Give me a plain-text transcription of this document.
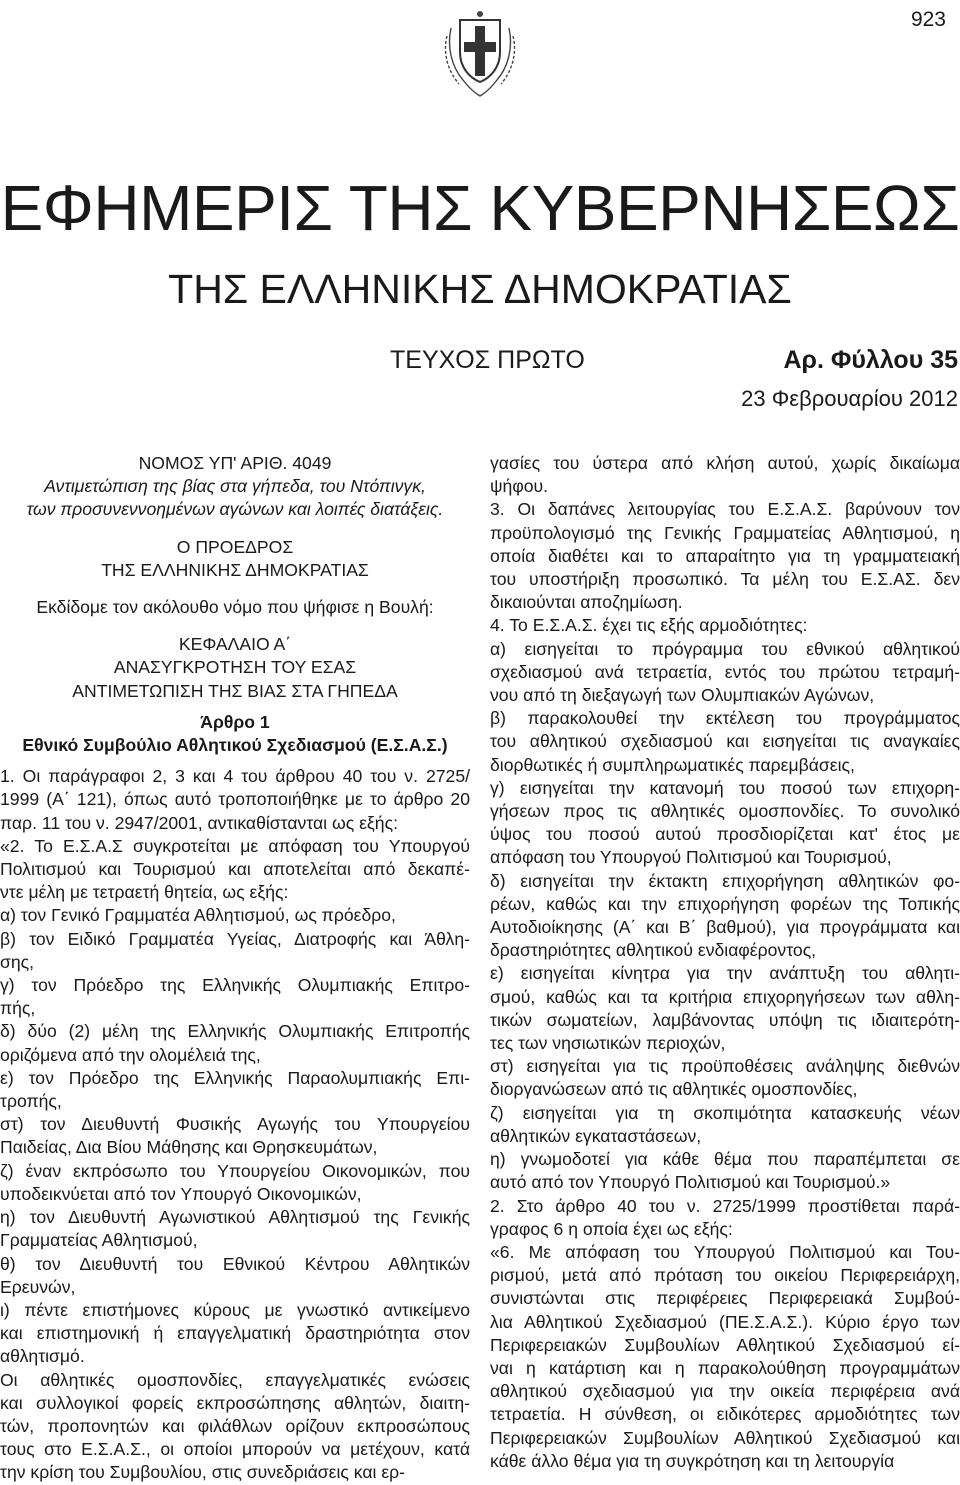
923
ΕΦΗΜΕΡΙΣ ΤΗΣ ΚΥΒΕΡΝΗΣΕΩΣ
ΤΗΣ ΕΛΛΗΝΙΚΗΣ ΔΗΜΟΚΡΑΤΙΑΣ
ΤΕΥΧΟΣ ΠΡΩΤΟ	Αρ. Φύλλου 35
23 Φεβρουαρίου 2012

ΝΟΜΟΣ ΥΠ' ΑΡΙΘ. 4049

Αντιμετώπιση της βίας στα γήπεδα, του Ντόπινγκ,

των προσυνεννοημένων αγώνων και λοιπές διατάξεις.

Ο ΠΡΟΕΔΡΟΣ

ΤΗΣ ΕΛΛΗΝΙΚΗΣ ΔΗΜΟΚΡΑΤΙΑΣ

Εκδίδομε τον ακόλουθο νόμο που ψήφισε η Βουλή:

ΚΕΦΑΛΑΙΟ Α΄

ΑΝΑΣΥΓΚΡΟΤΗΣΗ ΤΟΥ ΕΣΑΣ

ΑΝΤΙΜΕΤΩΠΙΣΗ ΤΗΣ ΒΙΑΣ ΣΤΑ ΓΗΠΕΔΑ

Άρθρο 1

Εθνικό Συμβούλιο Αθλητικού Σχεδιασμού (Ε.Σ.Α.Σ.)

1. Οι παράγραφοι 2, 3 και 4 του άρθρου 40 του ν. 2725/

1999 (Α΄ 121), όπως αυτό τροποποιήθηκε με το άρθρο 20

παρ. 11 του ν. 2947/2001, αντικαθίστανται ως εξής:

«2. Το Ε.Σ.Α.Σ συγκροτείται με απόφαση του Υπουργού

Πολιτισμού και Τουρισμού και αποτελείται από δεκαπέ-

ντε μέλη με τετραετή θητεία, ως εξής:

α) τον Γενικό Γραμματέα Αθλητισμού, ως πρόεδρο,

β) τον Ειδικό Γραμματέα Υγείας, Διατροφής και Άθλη-

σης,

γ) τον Πρόεδρο της Ελληνικής Ολυμπιακής Επιτρο-

πής,

δ) δύο (2) μέλη της Ελληνικής Ολυμπιακής Επιτροπής

οριζόμενα από την ολομέλειά της,

ε) τον Πρόεδρο της Ελληνικής Παραολυμπιακής Επι-

τροπής,

στ) τον Διευθυντή Φυσικής Αγωγής του Υπουργείου

Παιδείας, Δια Βίου Μάθησης και Θρησκευμάτων,

ζ) έναν εκπρόσωπο του Υπουργείου Οικονομικών, που

υποδεικνύεται από τον Υπουργό Οικονομικών,

η) τον Διευθυντή Αγωνιστικού Αθλητισμού της Γενικής

Γραμματείας Αθλητισμού,

θ) τον Διευθυντή του Εθνικού Κέντρου Αθλητικών

Ερευνών,

ι) πέντε επιστήμονες κύρους με γνωστικό αντικείμενο

και επιστημονική ή επαγγελματική δραστηριότητα στον

αθλητισμό.

Οι αθλητικές ομοσπονδίες, επαγγελματικές ενώσεις

και συλλογικοί φορείς εκπροσώπησης αθλητών, διαιτη-

τών, προπονητών και φιλάθλων ορίζουν εκπροσώπους

τους στο Ε.Σ.Α.Σ., οι οποίοι μπορούν να μετέχουν, κατά

την κρίση του Συμβουλίου, στις συνεδριάσεις και ερ-

γασίες του ύστερα από κλήση αυτού, χωρίς δικαίωμα

ψήφου.

3. Οι δαπάνες λειτουργίας του Ε.Σ.Α.Σ. βαρύνουν τον

προϋπολογισμό της Γενικής Γραμματείας Αθλητισμού, η

οποία διαθέτει και το απαραίτητο για τη γραμματειακή

του υποστήριξη προσωπικό. Τα μέλη του Ε.Σ.ΑΣ. δεν

δικαιούνται αποζημίωση.

4. Το Ε.Σ.Α.Σ. έχει τις εξής αρμοδιότητες:

α) εισηγείται το πρόγραμμα του εθνικού αθλητικού

σχεδιασμού ανά τετραετία, εντός του πρώτου τετραμή-

νου από τη διεξαγωγή των Ολυμπιακών Αγώνων,

β) παρακολουθεί την εκτέλεση του προγράμματος

του αθλητικού σχεδιασμού και εισηγείται τις αναγκαίες

διορθωτικές ή συμπληρωματικές παρεμβάσεις,

γ) εισηγείται την κατανομή του ποσού των επιχορη-

γήσεων προς τις αθλητικές ομοσπονδίες. Το συνολικό

ύψος του ποσού αυτού προσδιορίζεται κατ' έτος με

απόφαση του Υπουργού Πολιτισμού και Τουρισμού,

δ) εισηγείται την έκτακτη επιχορήγηση αθλητικών φο-

ρέων, καθώς και την επιχορήγηση φορέων της Τοπικής

Αυτοδιοίκησης (Α΄ και Β΄ βαθμού), για προγράμματα και

δραστηριότητες αθλητικού ενδιαφέροντος,

ε) εισηγείται κίνητρα για την ανάπτυξη του αθλητι-

σμού, καθώς και τα κριτήρια επιχορηγήσεων των αθλη-

τικών σωματείων, λαμβάνοντας υπόψη τις ιδιαιτερότη-

τες των νησιωτικών περιοχών,

στ) εισηγείται για τις προϋποθέσεις ανάληψης διεθνών

διοργανώσεων από τις αθλητικές ομοσπονδίες,

ζ) εισηγείται για τη σκοπιμότητα κατασκευής νέων

αθλητικών εγκαταστάσεων,

η) γνωμοδοτεί για κάθε θέμα που παραπέμπεται σε

αυτό από τον Υπουργό Πολιτισμού και Τουρισμού.»

2. Στο άρθρο 40 του ν. 2725/1999 προστίθεται παρά-

γραφος 6 η οποία έχει ως εξής:

«6. Με απόφαση του Υπουργού Πολιτισμού και Του-

ρισμού, μετά από πρόταση του οικείου Περιφερειάρχη,

συνιστώνται στις περιφέρειες Περιφερειακά Συμβού-

λια Αθλητικού Σχεδιασμού (ΠΕ.Σ.Α.Σ.). Κύριο έργο των

Περιφερειακών Συμβουλίων Αθλητικού Σχεδιασμού εί-

ναι η κατάρτιση και η παρακολούθηση προγραμμάτων

αθλητικού σχεδιασμού για την οικεία περιφέρεια ανά

τετραετία. Η σύνθεση, οι ειδικότερες αρμοδιότητες των

Περιφερειακών Συμβουλίων Αθλητικού Σχεδιασμού και

κάθε άλλο θέμα για τη συγκρότηση και τη λειτουργία
